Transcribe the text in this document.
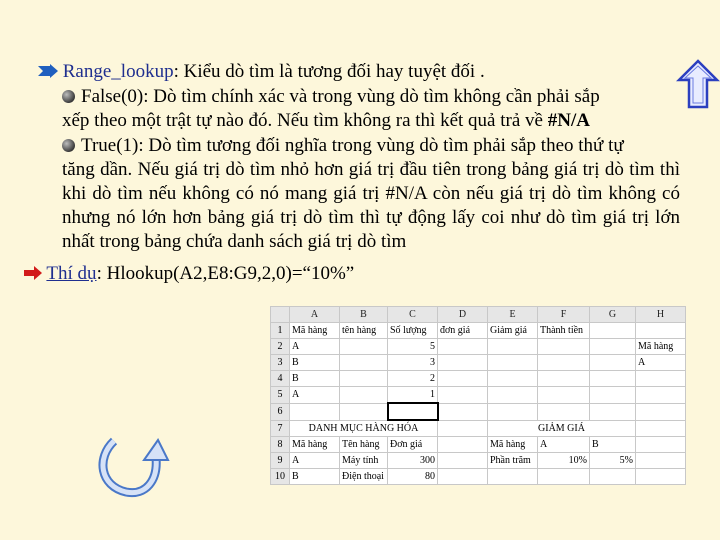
Range_lookup: Kiểu dò tìm là tương đối hay tuyệt đối .
False(0): Dò tìm chính xác và trong vùng dò tìm không cần phải sắp
xếp theo một trật tự nào đó. Nếu tìm không ra thì kết quả trả về #N/A
True(1): Dò tìm tương đối nghĩa trong vùng dò tìm phải sắp theo thứ tự
tăng dần. Nếu giá trị dò tìm nhỏ hơn giá trị đầu tiên trong bảng giá trị dò tìm thì khi dò tìm nếu không có nó mang giá trị #N/A còn nếu giá trị dò tìm không có nhưng nó lớn hơn bảng giá trị dò tìm thì tự động lấy coi như dò tìm giá trị lớn nhất trong bảng chứa danh sách giá trị dò tìm
Thí dụ: Hlookup(A2,E8:G9,2,0)=“10%”
	A	B	C	D	E	F	G	H
1	Mã hàng	tên hàng	Số lượng	đơn giá	Giảm giá	Thành tiền		
2	A		5					Mã hàng
3	B		3					A
4	B		2					
5	A		1					
6								
7	DANH MỤC HÀNG HÓA				GIẢM GIÁ			
8	Mã hàng	Tên hàng	Đơn giá		Mã hàng	A	B	
9	A	Máy tính	300		Phần trăm	10%	5%	
10	B	Điện thoại	80					
